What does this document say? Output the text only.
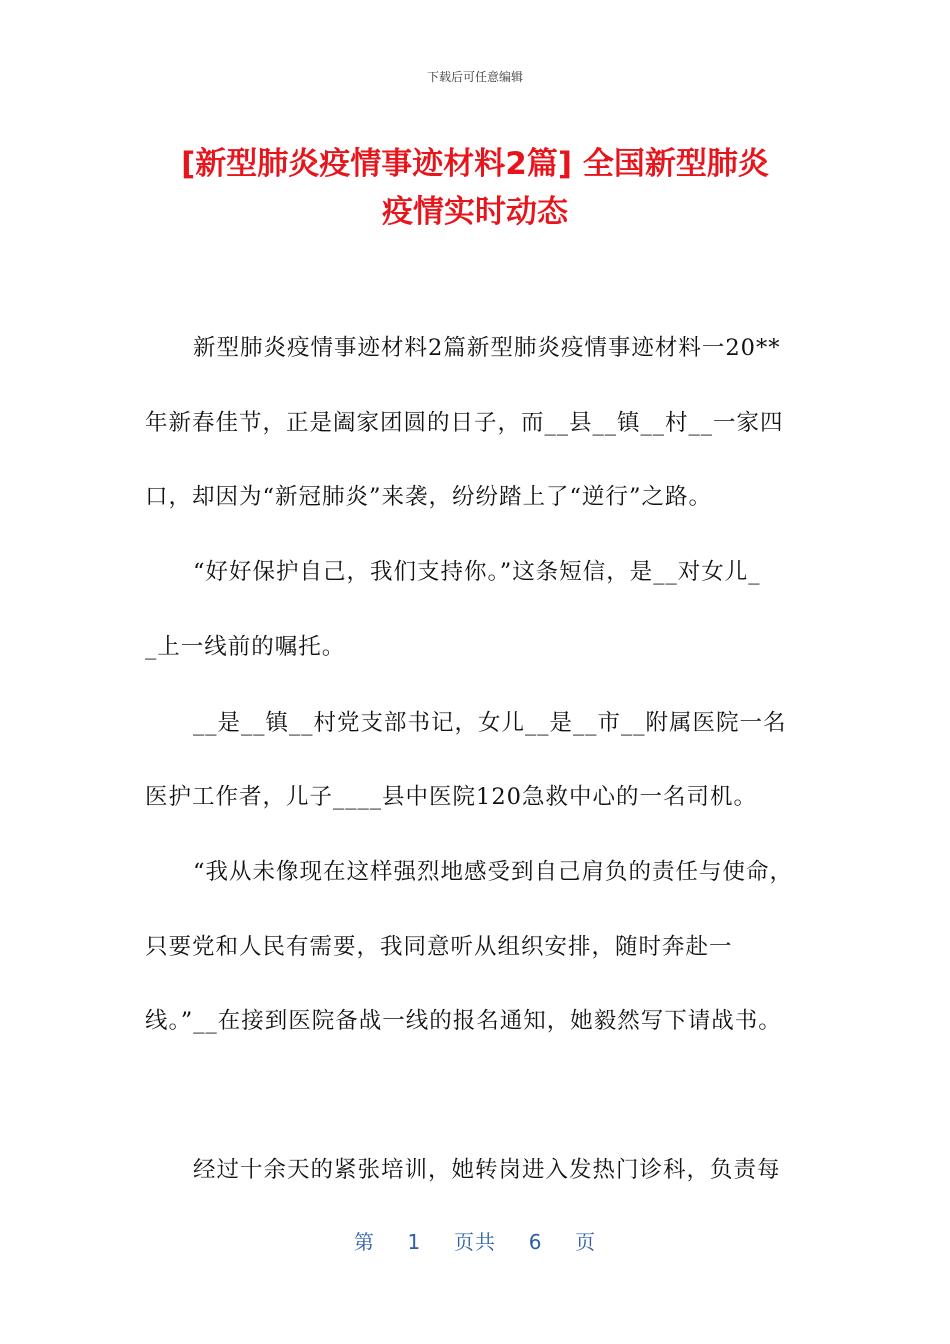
下载后可任意编辑
[新型肺炎疫情事迹材料2篇] 全国新型肺炎
疫情实时动态
新型肺炎疫情事迹材料2篇新型肺炎疫情事迹材料一20**
年新春佳节，正是阖家团圆的日子，而__县__镇__村__一家四
口，却因为“新冠肺炎”来袭，纷纷踏上了“逆行”之路。
“好好保护自己，我们支持你。”这条短信，是__对女儿_
_上一线前的嘱托。
__是__镇__村党支部书记，女儿__是__市__附属医院一名
医护工作者，儿子____县中医院120急救中心的一名司机。
“我从未像现在这样强烈地感受到自己肩负的责任与使命，
只要党和人民有需要，我同意听从组织安排，随时奔赴一
线。”__在接到医院备战一线的报名通知，她毅然写下请战书。
经过十余天的紧张培训，她转岗进入发热门诊科，负责每
第 1 页共 6 页
